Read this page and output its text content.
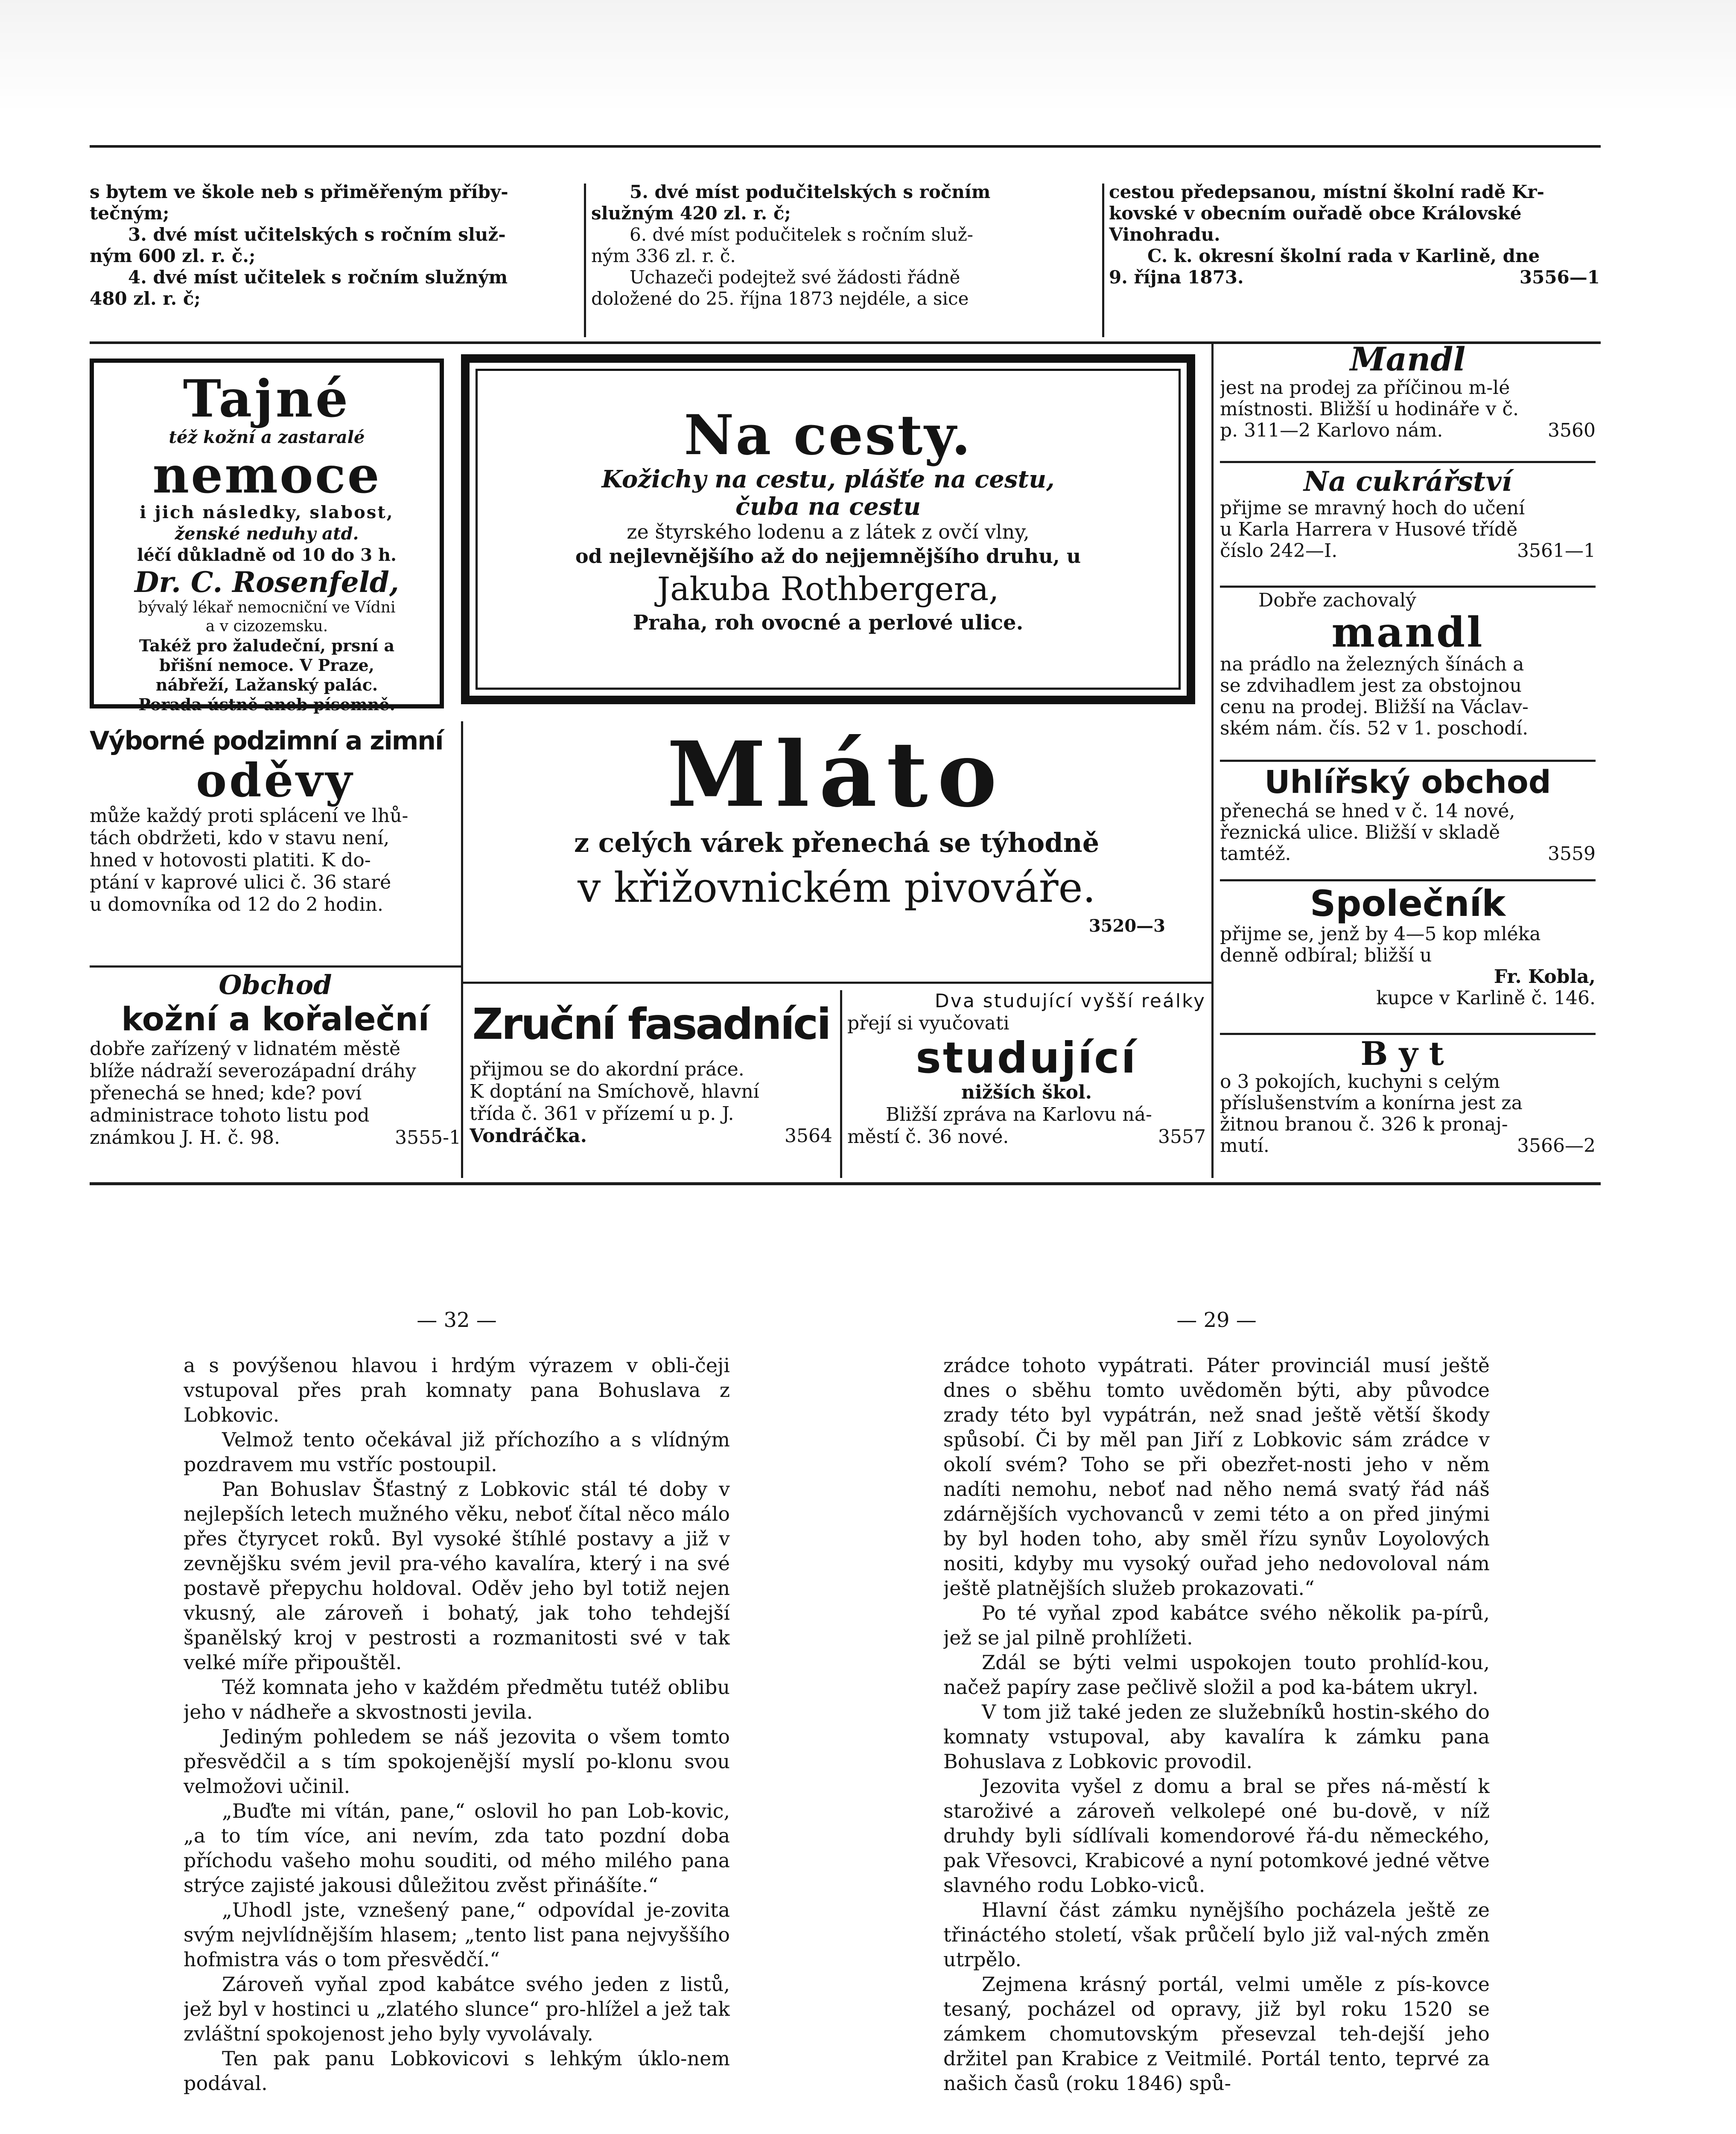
s bytem ve škole neb s přiměřeným příby-
tečným;
3. dvé míst učitelských s ročním služ-
ným 600 zl. r. č.;
4. dvé míst učitelek s ročním služným
480 zl. r. č;
5. dvé míst podučitelských s ročním
služným 420 zl. r. č;
6. dvé míst podučitelek s ročním služ-
ným 336 zl. r. č.
Uchazeči podejtež své žádosti řádně
doložené do 25. října 1873 nejdéle, a sice
cestou předepsanou, místní školní radě Kr-
kovské v obecním ouřadě obce Královské
Vinohradu.
C. k. okresní školní rada v Karlině, dne
9. října 1873.	3556—1
Tajné
též kožní a zastaralé
nemoce
i jich následky, slabost,
ženské neduhy atd.
léčí důkladně od 10 do 3 h.
Dr. C. Rosenfeld,
bývalý lékař nemocniční ve Vídni
a v cizozemsku.
Takéž pro žaludeční, prsní a
břišní nemoce. V Praze,
nábřeží, Lažanský palác.
Porada ústně aneb písemně.
Na cesty.
Kožichy na cestu, plášťe na cestu,
čuba na cestu
ze štyrského lodenu a z látek z ovčí vlny,
od nejlevnějšího až do nejjemnějšího druhu, u
Jakuba Rothbergera,
Praha, roh ovocné a perlové ulice.
Mandl
jest na prodej za příčinou m-lé
místnosti. Bližší u hodináře v č.
p. 311—2 Karlovo nám.	3560
Na cukrářství
přijme se mravný hoch do učení
u Karla Harrera v Husové třídě
číslo 242—I.	3561—1
Dobře zachovalý
mandl
na prádlo na železných šínách a
se zdvihadlem jest za obstojnou
cenu na prodej. Bližší na Václav-
ském nám. čís. 52 v 1. poschodí.
Uhlířský obchod
přenechá se hned v č. 14 nové,
řeznická ulice. Bližší v skladě
tamtéž.	3559
Společník
přijme se, jenž by 4—5 kop mléka
denně odbíral; bližší u
Fr. Kobla,
kupce v Karlině č. 146.
Byt
o 3 pokojích, kuchyni s celým
příslušenstvím a konírna jest za
žitnou branou č. 326 k pronaj-
mutí.	3566—2
Výborné podzimní a zimní
oděvy
může každý proti splácení ve lhů-
tách obdržeti, kdo v stavu není,
hned v hotovosti platiti. K do-
ptání v kaprové ulici č. 36 staré
u domovníka od 12 do 2 hodin.
Obchod
kožní a kořaleční
dobře zařízený v lidnatém městě
blíže nádraží severozápadní dráhy
přenechá se hned; kde? poví
administrace tohoto listu pod
známkou J. H. č. 98.	3555-1
Mláto
z celých várek přenechá se týhodně
v křižovnickém pivováře.
3520—3
Zruční fasadníci
přijmou se do akordní práce.
K doptání na Smíchově, hlavní
třída č. 361 v přízemí u p. J.
Vondráčka.	3564
Dva studující vyšší reálky
přejí si vyučovati
studující
nižších škol.
Bližší zpráva na Karlovu ná-
městí č. 36 nové.	3557
— 32 —

a s povýšenou hlavou i hrdým výrazem v obli-čeji vstupoval přes prah komnaty pana Bohuslava z Lobkovic.

Velmož tento očekával již příchozího a s vlídným pozdravem mu vstříc postoupil.

Pan Bohuslav Šťastný z Lobkovic stál té doby v nejlepších letech mužného věku, neboť čítal něco málo přes čtyrycet roků. Byl vysoké štíhlé postavy a již v zevnějšku svém jevil pra-vého kavalíra, který i na své postavě přepychu holdoval. Oděv jeho byl totiž nejen vkusný, ale zároveň i bohatý, jak toho tehdejší španělský kroj v pestrosti a rozmanitosti své v tak velké míře připouštěl.

Též komnata jeho v každém předmětu tutéž oblibu jeho v nádheře a skvostnosti jevila.

Jediným pohledem se náš jezovita o všem tomto přesvědčil a s tím spokojenější myslí po-klonu svou velmožovi učinil.

„Buďte mi vítán, pane,“ oslovil ho pan Lob-kovic, „a to tím více, ani nevím, zda tato pozdní doba příchodu vašeho mohu souditi, od mého milého pana strýce zajisté jakousi důležitou zvěst přinášíte.“

„Uhodl jste, vznešený pane,“ odpovídal je-zovita svým nejvlídnějším hlasem; „tento list pana nejvyššího hofmistra vás o tom přesvědčí.“

Zároveň vyňal zpod kabátce svého jeden z listů, jež byl v hostinci u „zlatého slunce“ pro-hlížel a jež tak zvláštní spokojenost jeho byly vyvolávaly.

Ten pak panu Lobkovicovi s lehkým úklo-nem podával.

— 29 —

zrádce tohoto vypátrati. Páter provinciál musí ještě dnes o sběhu tomto uvědoměn býti, aby původce zrady této byl vypátrán, než snad ještě větší škody spůsobí. Či by měl pan Jiří z Lobkovic sám zrádce v okolí svém? Toho se při obezřet-nosti jeho v něm nadíti nemohu, neboť nad něho nemá svatý řád náš zdárnějších vychovanců v zemi této a on před jinými by byl hoden toho, aby směl řízu synův Loyolových nositi, kdyby mu vysoký ouřad jeho nedovoloval nám ještě platnějších služeb prokazovati.“

Po té vyňal zpod kabátce svého několik pa-pírů, jež se jal pilně prohlížeti.

Zdál se býti velmi uspokojen touto prohlíd-kou, načež papíry zase pečlivě složil a pod ka-bátem ukryl.

V tom již také jeden ze služebníků hostin-ského do komnaty vstupoval, aby kavalíra k zámku pana Bohuslava z Lobkovic provodil.

Jezovita vyšel z domu a bral se přes ná-městí k staroživé a zároveň velkolepé oné bu-dově, v níž druhdy byli sídlívali komendorové řá-du německého, pak Vřesovci, Krabicové a nyní potomkové jedné větve slavného rodu Lobko-viců.

Hlavní část zámku nynějšího pocházela ještě ze třináctého století, však průčelí bylo již val-ných změn utrpělo.

Zejmena krásný portál, velmi uměle z pís-kovce tesaný, pocházel od opravy, již byl roku 1520 se zámkem chomutovským přesevzal teh-dejší jeho držitel pan Krabice z Veitmilé. Portál tento, teprvé za našich časů (roku 1846) spů-
